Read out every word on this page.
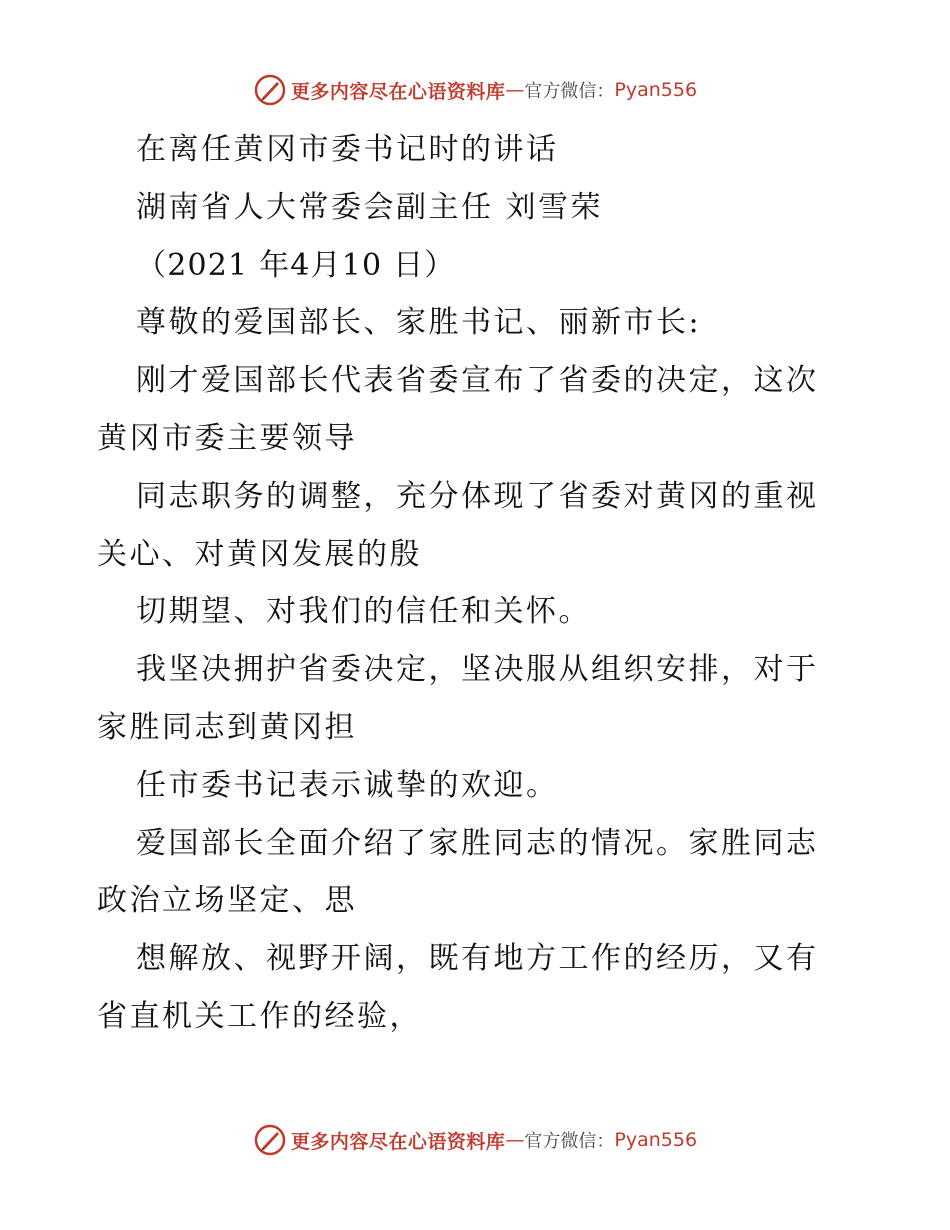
更多内容尽在心语资料库 — 官方微信： Pyan556
在离任黄冈市委书记时的讲话
湖南省人大常委会副主任 刘雪荣
（2021 年4月10 日）
尊敬的爱国部长、家胜书记、丽新市长:
刚才爱国部长代表省委宣布了省委的决定，这次
黄冈市委主要领导
同志职务的调整，充分体现了省委对黄冈的重视
关心、对黄冈发展的殷
切期望、对我们的信任和关怀。
我坚决拥护省委决定，坚决服从组织安排，对于
家胜同志到黄冈担
任市委书记表示诚挚的欢迎。
爱国部长全面介绍了家胜同志的情况。家胜同志
政治立场坚定、思
想解放、视野开阔，既有地方工作的经历，又有
省直机关工作的经验，
更多内容尽在心语资料库 — 官方微信： Pyan556
